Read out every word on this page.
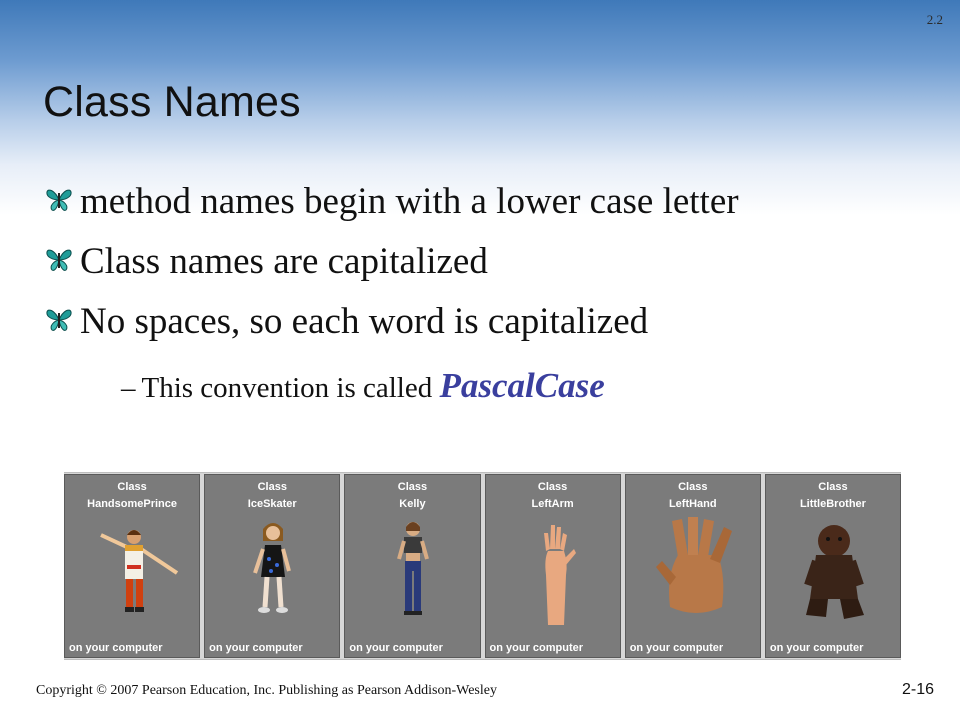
2.2
Class Names
method names begin with a lower case letter
Class names are capitalized
No spaces, so each word is capitalized
– This convention is called PascalCase
Class
HandsomePrince
on your computer
Class
IceSkater
on your computer
Class
Kelly
on your computer
Class
LeftArm
on your computer
Class
LeftHand
on your computer
Class
LittleBrother
on your computer
Copyright © 2007 Pearson Education, Inc. Publishing as Pearson Addison-Wesley	2-16
